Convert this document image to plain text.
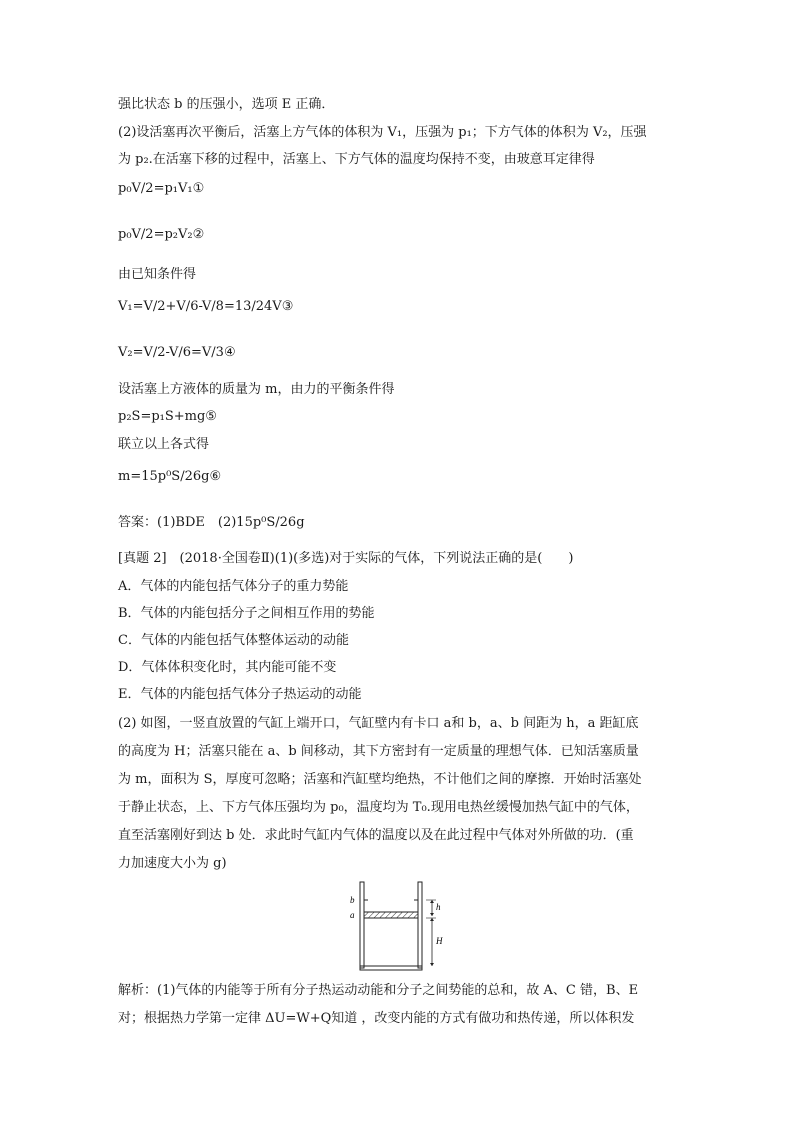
强比状态 b 的压强小，选项 E 正确．
(2)设活塞再次平衡后，活塞上方气体的体积为 V₁，压强为 p₁；下方气体的体积为 V₂，压强
为 p₂.在活塞下移的过程中，活塞上、下方气体的温度均保持不变，由玻意耳定律得
p₀V/2=p₁V₁①
p₀V/2=p₂V₂②
由已知条件得
V₁=V/2+V/6-V/8=13/24V③
V₂=V/2-V/6=V/3④
设活塞上方液体的质量为 m，由力的平衡条件得
p₂S=p₁S+mg⑤
联立以上各式得
m=15p⁰S/26g⑥
答案：(1)BDE　(2)15p⁰S/26g
[真题 2]　(2018·全国卷Ⅱ)(1)(多选)对于实际的气体，下列说法正确的是(　　)
A．气体的内能包括气体分子的重力势能
B．气体的内能包括分子之间相互作用的势能
C．气体的内能包括气体整体运动的动能
D．气体体积变化时，其内能可能不变
E．气体的内能包括气体分子热运动的动能
(2) 如图，一竖直放置的气缸上端开口，气缸壁内有卡口 a和 b，a、b 间距为 h，a 距缸底
的高度为 H；活塞只能在 a、b 间移动，其下方密封有一定质量的理想气体．已知活塞质量
为 m，面积为 S，厚度可忽略；活塞和汽缸壁均绝热，不计他们之间的摩擦．开始时活塞处
于静止状态，上、下方气体压强均为 p₀，温度均为 T₀.现用电热丝缓慢加热气缸中的气体，
直至活塞刚好到达 b 处．求此时气缸内气体的温度以及在此过程中气体对外所做的功．(重
力加速度大小为 g)
b
a
h
H
解析：(1)气体的内能等于所有分子热运动动能和分子之间势能的总和，故 A、C 错，B、E
对；根据热力学第一定律 ΔU=W+Q知道 ，改变内能的方式有做功和热传递，所以体积发
